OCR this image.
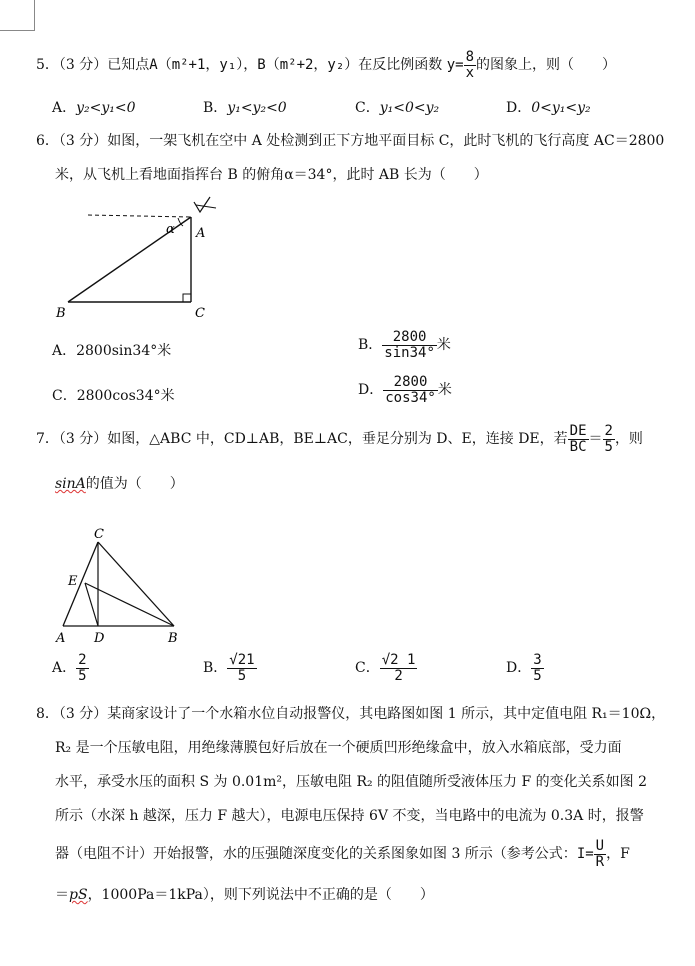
5．（3 分）已知点A（m²+1，y₁），B（m²+2，y₂）在反比例函数 $y= \frac{8}{x}$ 的图象上，则（　　）
A．y₂<y₁<0	B．y₁<y₂<0	C．y₁<0<y₂	D．0<y₁<y₂
6．（3 分）如图，一架飞机在空中 A 处检测到正下方地平面目标 C，此时飞机的飞行高度 AC＝2800
米，从飞机上看地面指挥台 B 的俯角α＝34°，此时 AB 长为（　　）
A
α
B	C
A．2800sin34°米	B． $\frac{2800}{\sin 34^\circ}$ 米
C．2800cos34°米	D． $\frac{2800}{\cos 34^\circ}$ 米
7．（3 分）如图，△ABC 中，CD⊥AB，BE⊥AC，垂足分别为 D、E，连接 DE，若 $\frac{DE}{BC} = \frac{2}{5}$ ，则
sinA的值为（　　）
C
E
A D	B
A． $\frac{2}{5}$	B． $\frac{√21}{5}$	C． $\frac{√2 1}{2}$	D． $\frac{3}{5}$
8．（3 分）某商家设计了一个水箱水位自动报警仪，其电路图如图 1 所示，其中定值电阻 R₁＝10Ω，
R₂ 是一个压敏电阻，用绝缘薄膜包好后放在一个硬质凹形绝缘盒中，放入水箱底部，受力面
水平，承受水压的面积 S 为 0.01m²，压敏电阻 R₂ 的阻值随所受液体压力 F 的变化关系如图 2
所示（水深 h 越深，压力 F 越大），电源电压保持 6V 不变，当电路中的电流为 0.3A 时，报警
器（电阻不计）开始报警，水的压强随深度变化的关系图象如图 3 所示（参考公式：$I= \frac{U}{R}$ ，F
＝pS，1000Pa＝1kPa），则下列说法中不正确的是（　　）
